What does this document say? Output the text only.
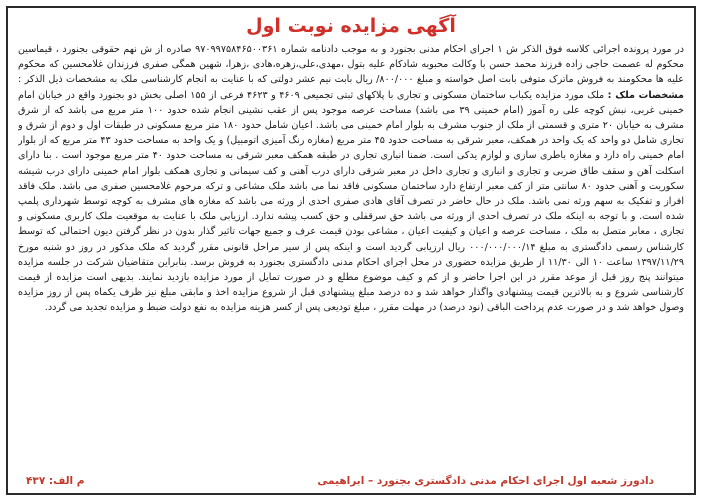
آگهی مزایده نوبت اول

در مورد پرونده اجرائی کلاسه فوق الذکر ش ۱ اجرای احکام مدنی بجنورد و به موجب دادنامه شماره ۹۷۰۹۹۷۵۸۴۶۵۰۰۳۶۱ صادره از ش نهم حقوقی بجنورد ، قیماسین محکوم له عصمت حاجی زاده فرزند محمد حسن با وکالت محبوبه شادکام علیه بتول ،مهدی،علی،زهره،هادی ،زهرا، شهین همگی صفری فرزندان غلامحسین که محکوم علیه ها محکومند به فروش ماترک متوفی بابت اصل خواسته و مبلغ ۸۰۰/۰۰۰/ ریال بابت نیم عشر دولتی که با عنایت به انجام کارشناسی ملک به مشخصات ذیل الذکر : مشخصات ملک : ملک مورد مزایده یکباب ساختمان مسکونی و تجاری با پلاکهای ثبتی تجمیعی ۴۶۰۹ و ۴۶۲۳ فرعی از ۱۵۵ اصلی بخش دو بجنورد واقع در خیابان امام خمینی غربی، نبش کوچه علی ره آموز (امام خمینی ۳۹ می باشد) مساحت عرصه موجود پس از عقب نشینی انجام شده حدود ۱۰۰ متر مربع می باشد که از شرق مشرف به خیابان ۲۰ متری و قسمتی از ملک از جنوب مشرف به بلوار امام خمینی می باشد. اعیان شامل حدود ۱۸۰ متر مربع مسکونی در طبقات اول و دوم از شرق و تجاری شامل دو واحد که یک واحد در همکف، معبر شرقی به مساحت حدود ۴۵ متر مربع (مغازه رنگ آمیزی اتومبیل) و یک واحد به مساحت حدود ۴۳ متر مربع که از بلوار امام خمینی راه دارد و مغازه باطری سازی و لوازم یدکی است. ضمنا انباری تجاری در طبقه همکف معبر شرقی به مساحت حدود ۴۰ متر مربع موجود است . بنا دارای اسکلت آهن و سقف طاق ضربی و تجاری و انباری و تجاری داخل در معبر شرقی دارای درب آهنی و کف سیمانی و تجاری همکف بلوار امام خمینی دارای درب شیشه سکوریت و آهنی حدود ۸۰ سانتی متر از کف معبر ارتفاع دارد ساختمان مسکونی فاقد نما می باشد ملک مشاعی و ترکه مرحوم غلامحسین صفری می باشد. ملک فاقد افراز و تفکیک به سهم ورثه نمی باشد. ملک در حال حاضر در تصرف آقای هادی صفری احدی از ورثه می باشد که مغازه های مشرف به کوچه توسط شهرداری پلمپ شده است. و با توجه به اینکه ملک در تصرف احدی از ورثه می باشد حق سرقفلی و حق کسب پیشه ندارد. ارزیابی ملک با عنایت به موقعیت ملک کاربری مسکونی و تجاری ، معابر متصل به ملک ، مساحت عرصه و اعیان و کیفیت اعیان ، مشاعی بودن قیمت عرف و جمیع جهات تاثیر گذار بدون در نظر گرفتن دیون احتمالی که توسط کارشناس رسمی دادگستری به مبلغ ۰۰۰/۰۰۰/۰۰۰/۱۴ ریال ارزیابی گردید است و اینکه پس از سیر مراحل قانونی مقرر گردید که ملک مذکور در روز دو شنبه مورخ ۱۳۹۷/۱۱/۲۹ ساعت ۱۰ الی ۱۱/۳۰ از طریق مزایده حضوری در محل اجرای احکام مدنی دادگستری بجنورد به فروش برسد. بنابراین متقاضیان شرکت در جلسه مزایده میتوانند پنج روز قبل از موعد مقرر در این اجرا حاضر و از کم و کیف موضوع مطلع و در صورت تمایل از مورد مزایده بازدید نمایند. بدیهی است مزایده از قیمت کارشناسی شروع و به بالاترین قیمت پیشنهادی واگذار خواهد شد و ده درصد مبلغ پیشنهادی قبل از شروع مزایده اخذ و مابقی مبلغ نیز ظرف یکماه پس از روز مزایده وصول خواهد شد و در صورت عدم پرداخت الباقی (نود درصد) در مهلت مقرر ، مبلغ تودیعی پس از کسر هزینه مزایده به نفع دولت ضبط و مزایده تجدید می گردد.

دادورز شعبه اول اجرای احکام مدنی دادگستری بجنورد – ابراهیمی
م الف: ۴۳۷
